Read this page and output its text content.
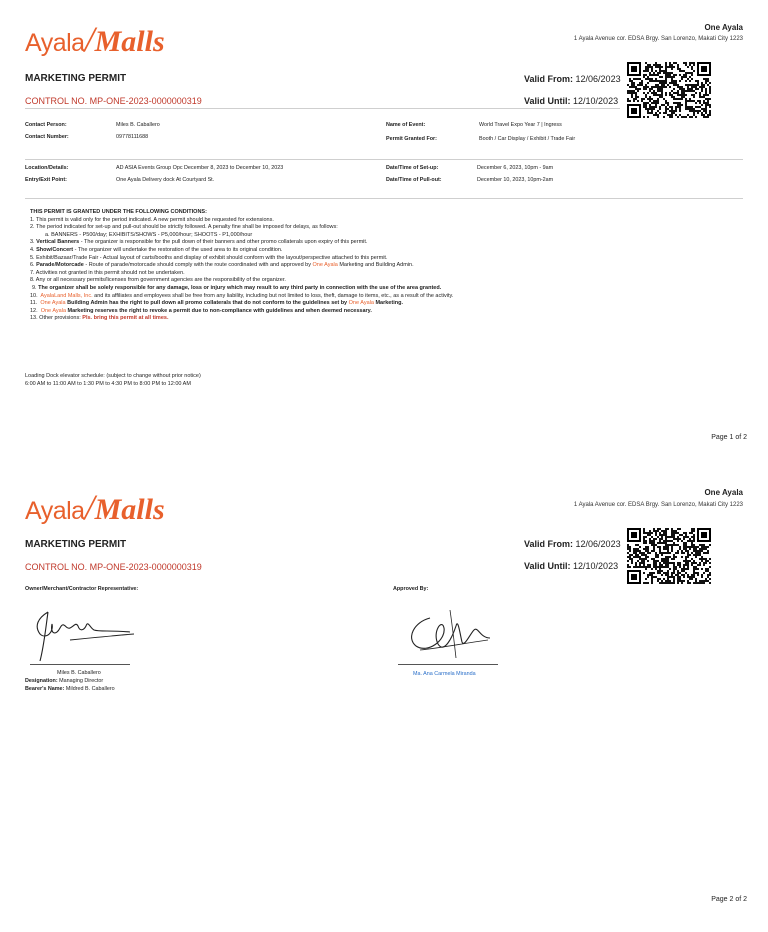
Ayala/Malls	One Ayala
1 Ayala Avenue cor. EDSA Brgy. San Lorenzo, Makati City 1223
MARKETING PERMIT
CONTROL NO. MP-ONE-2023-0000000319
Valid From: 12/06/2023
Valid Until: 12/10/2023
Contact Person:	Miles B. Caballero
Contact Number:	09778111688
Name of Event:	World Travel Expo Year 7 | Ingress
Permit Granted For:	Booth / Car Display / Exhibit / Trade Fair
Location/Details:	AD ASIA Events Group Opc December 8, 2023 to December 10, 2023
Entry/Exit Point:	One Ayala Delivery dock At Courtyard St.
Date/Time of Set-up:	December 6, 2023, 10pm - 9am
Date/Time of Pull-out:	December 10, 2023, 10pm-2am
THIS PERMIT IS GRANTED UNDER THE FOLLOWING CONDITIONS:
1. This permit is valid only for the period indicated. A new permit should be requested for extensions.
2. The period indicated for set-up and pull-out should be strictly followed. A penalty fine shall be imposed for delays, as follows:
a. BANNERS - P500/day; EXHIBITS/SHOWS - P5,000/hour; SHOOTS - P1,000/hour
3. Vertical Banners - The organizer is responsible for the pull down of their banners and other promo collaterals upon expiry of this permit.
4. Show/Concert - The organizer will undertake the restoration of the used area to its original condition.
5. Exhibit/Bazaar/Trade Fair - Actual layout of carts/booths and display of exhibit should conform with the layout/perspective attached to this permit.
6. Parade/Motorcade - Route of parade/motorcade should comply with the route coordinated with and approved by One Ayala Marketing and Building Admin.
7. Activities not granted in this permit should not be undertaken.
8. Any or all necessary permits/licenses from government agencies are the responsibility of the organizer.
9. The organizer shall be solely responsible for any damage, loss or injury which may result to any third party in connection with the use of the area granted.
10. AyalaLand Malls, Inc. and its affiliates and employees shall be free from any liability, including but not limited to loss, theft, damage to items, etc., as a result of the activity.
11. One Ayala Building Admin has the right to pull down all promo collaterals that do not conform to the guidelines set by One Ayala Marketing.
12. One Ayala Marketing reserves the right to revoke a permit due to non-compliance with guidelines and when deemed necessary.
13. Other provisions: Pls. bring this permit at all times.
Loading Dock elevator schedule: (subject to change without prior notice)
6:00 AM to 11:00 AM to 1:30 PM to 4:30 PM to 8:00 PM to 12:00 AM
Page 1 of 2
Ayala/Malls
One Ayala
1 Ayala Avenue cor. EDSA Brgy. San Lorenzo, Makati City 1223
MARKETING PERMIT
CONTROL NO. MP-ONE-2023-0000000319
Valid From: 12/06/2023
Valid Until: 12/10/2023
Owner/Merchant/Contractor Representative:	Approved By:
Miles B. Caballero
Designation: Managing Director
Bearer's Name: Mildred B. Caballero
Ma. Ana Carmela Miranda
Page 2 of 2
